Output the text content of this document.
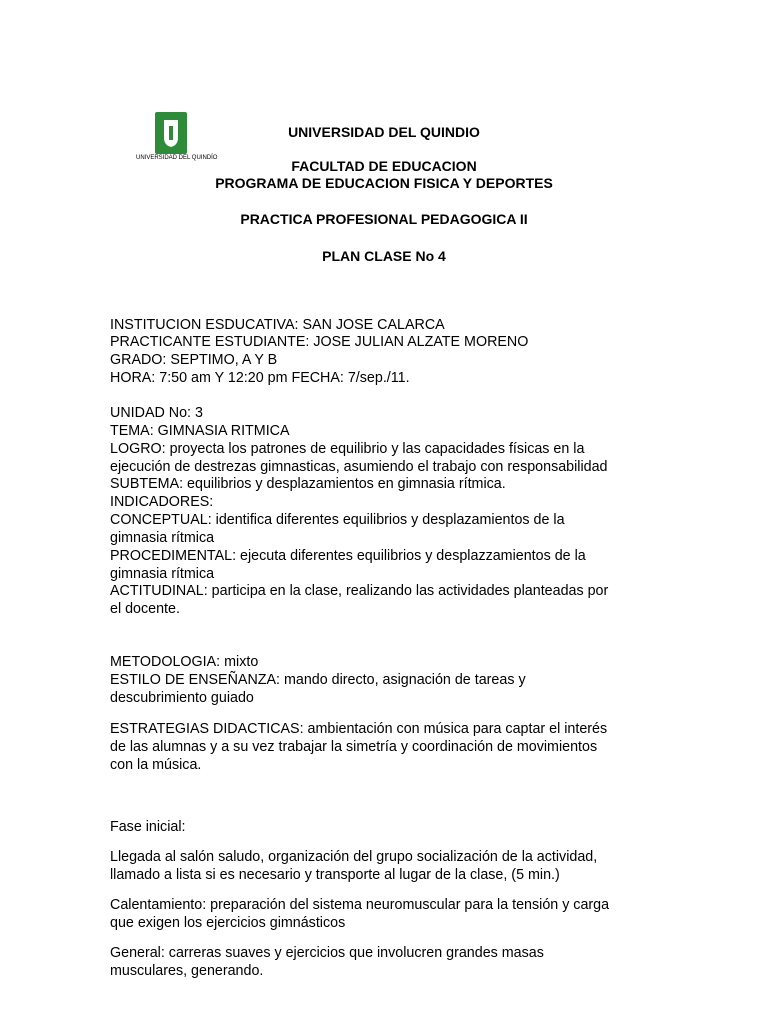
UNIVERSIDAD DEL QUINDÍO
UNIVERSIDAD DEL QUINDIO
FACULTAD DE EDUCACION
PROGRAMA DE EDUCACION FISICA Y DEPORTES
PRACTICA PROFESIONAL PEDAGOGICA II
PLAN CLASE No 4
INSTITUCION ESDUCATIVA: SAN JOSE CALARCA
PRACTICANTE ESTUDIANTE: JOSE JULIAN ALZATE MORENO
GRADO: SEPTIMO, A Y B
HORA: 7:50 am Y 12:20 pm FECHA: 7/sep./11.
UNIDAD No: 3
TEMA: GIMNASIA RITMICA
LOGRO: proyecta los patrones de equilibrio y las capacidades físicas en la
ejecución de destrezas gimnasticas, asumiendo el trabajo con responsabilidad
SUBTEMA: equilibrios y desplazamientos en gimnasia rítmica.
INDICADORES:
CONCEPTUAL: identifica diferentes equilibrios y desplazamientos de la
gimnasia rítmica
PROCEDIMENTAL: ejecuta diferentes equilibrios y desplazzamientos de la
gimnasia rítmica
ACTITUDINAL: participa en la clase, realizando las actividades planteadas por
el docente.
METODOLOGIA: mixto
ESTILO DE ENSEÑANZA: mando directo, asignación de tareas y
descubrimiento guiado
ESTRATEGIAS DIDACTICAS: ambientación con música para captar el interés
de las alumnas y a su vez trabajar la simetría y coordinación de movimientos
con la música.
Fase inicial:
Llegada al salón saludo, organización del grupo socialización de la actividad,
llamado a lista si es necesario y transporte al lugar de la clase, (5 min.)
Calentamiento: preparación del sistema neuromuscular para la tensión y carga
que exigen los ejercicios gimnásticos
General: carreras suaves y ejercicios que involucren grandes masas
musculares, generando.
